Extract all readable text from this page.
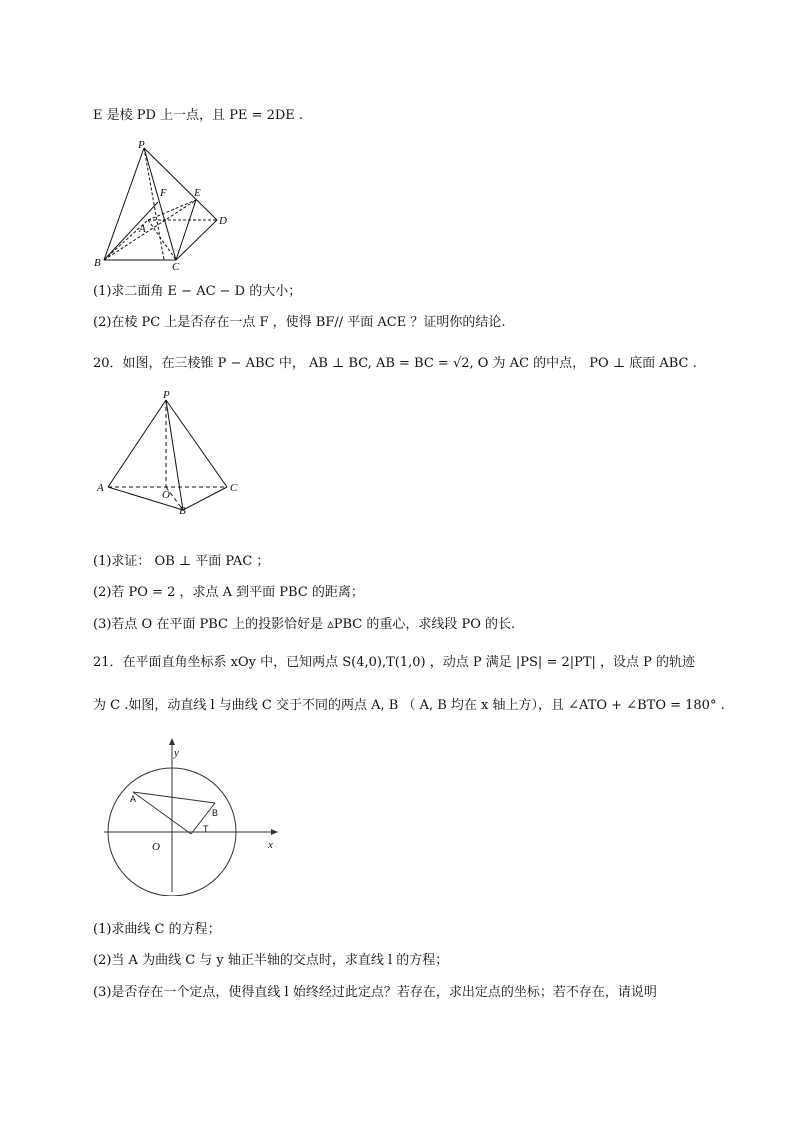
E 是棱 PD 上一点，且 PE = 2DE .
P
F E
A
D
B	C
(1)求二面角 E − AC − D 的大小；
(2)在棱 PC 上是否存在一点 F ，使得 BF// 平面 ACE ？证明你的结论.
20．如图，在三棱锥 P − ABC 中， AB ⊥ BC, AB = BC = √2, O 为 AC 的中点， PO ⊥ 底面 ABC .
P
A
O
C
B
(1)求证： OB ⊥ 平面 PAC ；
(2)若 PO = 2 ，求点 A 到平面 PBC 的距离；
(3)若点 O 在平面 PBC 上的投影恰好是 ▵PBC 的重心，求线段 PO 的长.
21．在平面直角坐标系 xOy 中，已知两点 S(4,0),T(1,0) ，动点 P 满足 |PS| = 2|PT| ，设点 P 的轨迹
为 C .如图，动直线 l 与曲线 C 交于不同的两点 A, B （ A, B 均在 x 轴上方），且 ∠ATO + ∠BTO = 180° .
y
x
O
A
B
T
(1)求曲线 C 的方程；
(2)当 A 为曲线 C 与 y 轴正半轴的交点时，求直线 l 的方程；
(3)是否存在一个定点，使得直线 l 始终经过此定点？若存在，求出定点的坐标；若不存在，请说明
